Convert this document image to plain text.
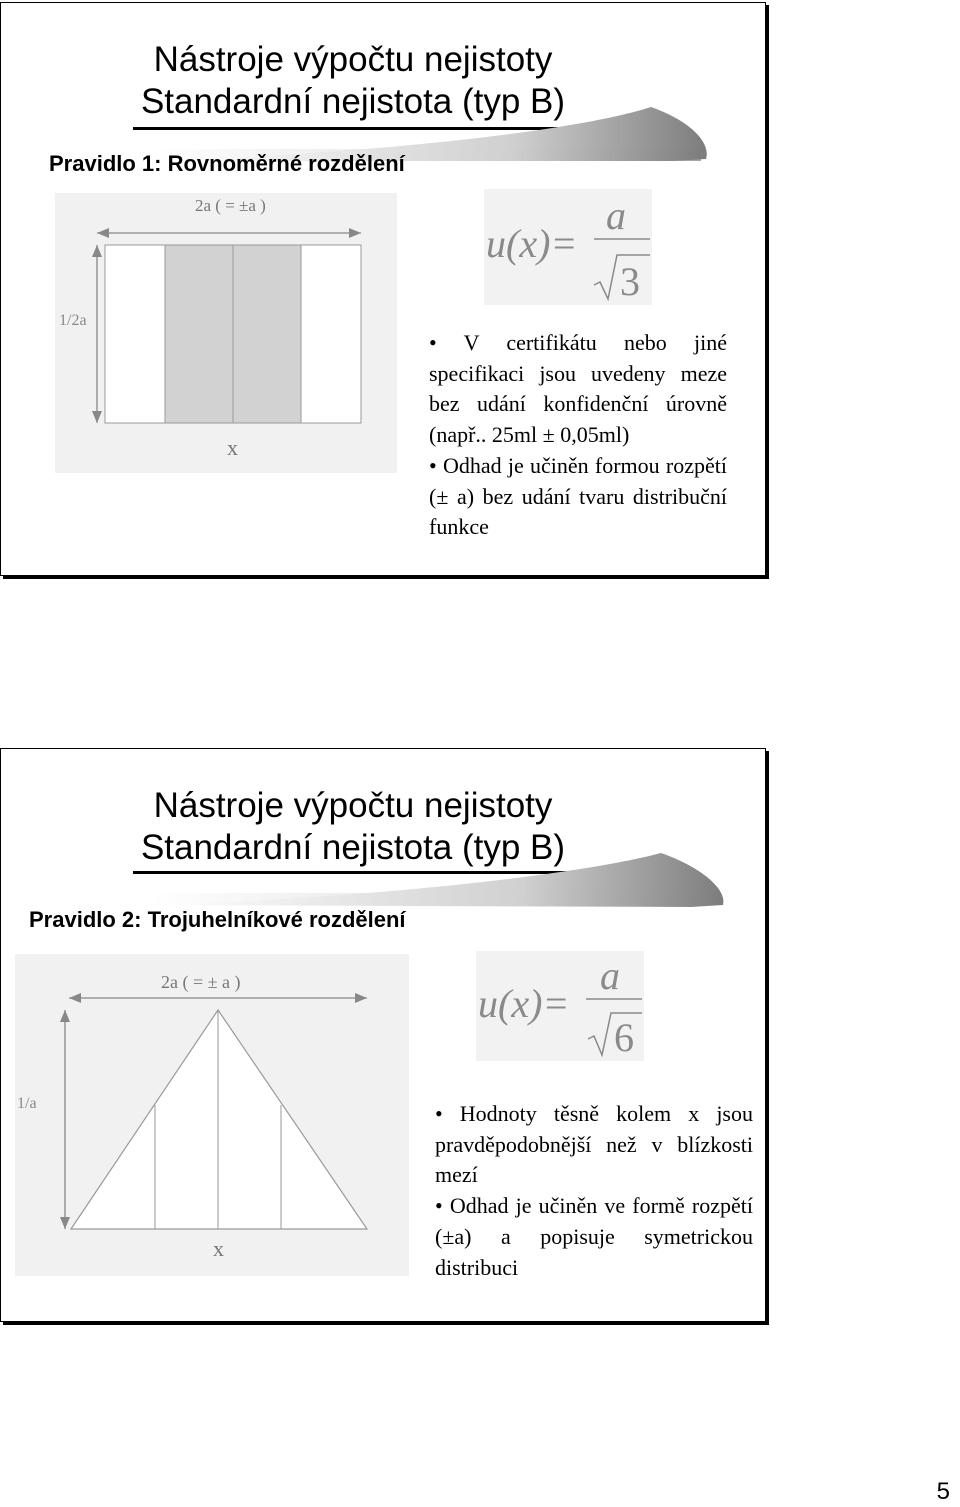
Nástroje výpočtu nejistoty
Standardní nejistota (typ B)
Pravidlo 1: Rovnoměrné rozdělení
2a ( = ±a )
x
1/2a
u(x)=
a
3

• V certifikátu nebo jiné specifikaci jsou uvedeny meze bez udání konfidenční úrovně (např.. 25ml ± 0,05ml)

• Odhad je učiněn formou rozpětí (± a) bez udání tvaru distribuční funkce

Nástroje výpočtu nejistoty
Standardní nejistota (typ B)
Pravidlo 2: Trojuhelníkové rozdělení
2a ( = ± a )
x
1/a
u(x)=
a
6

• Hodnoty těsně kolem x jsou pravděpodobnější než v blízkosti mezí

• Odhad je učiněn ve formě rozpětí (±a) a popisuje symetrickou distribuci

5
